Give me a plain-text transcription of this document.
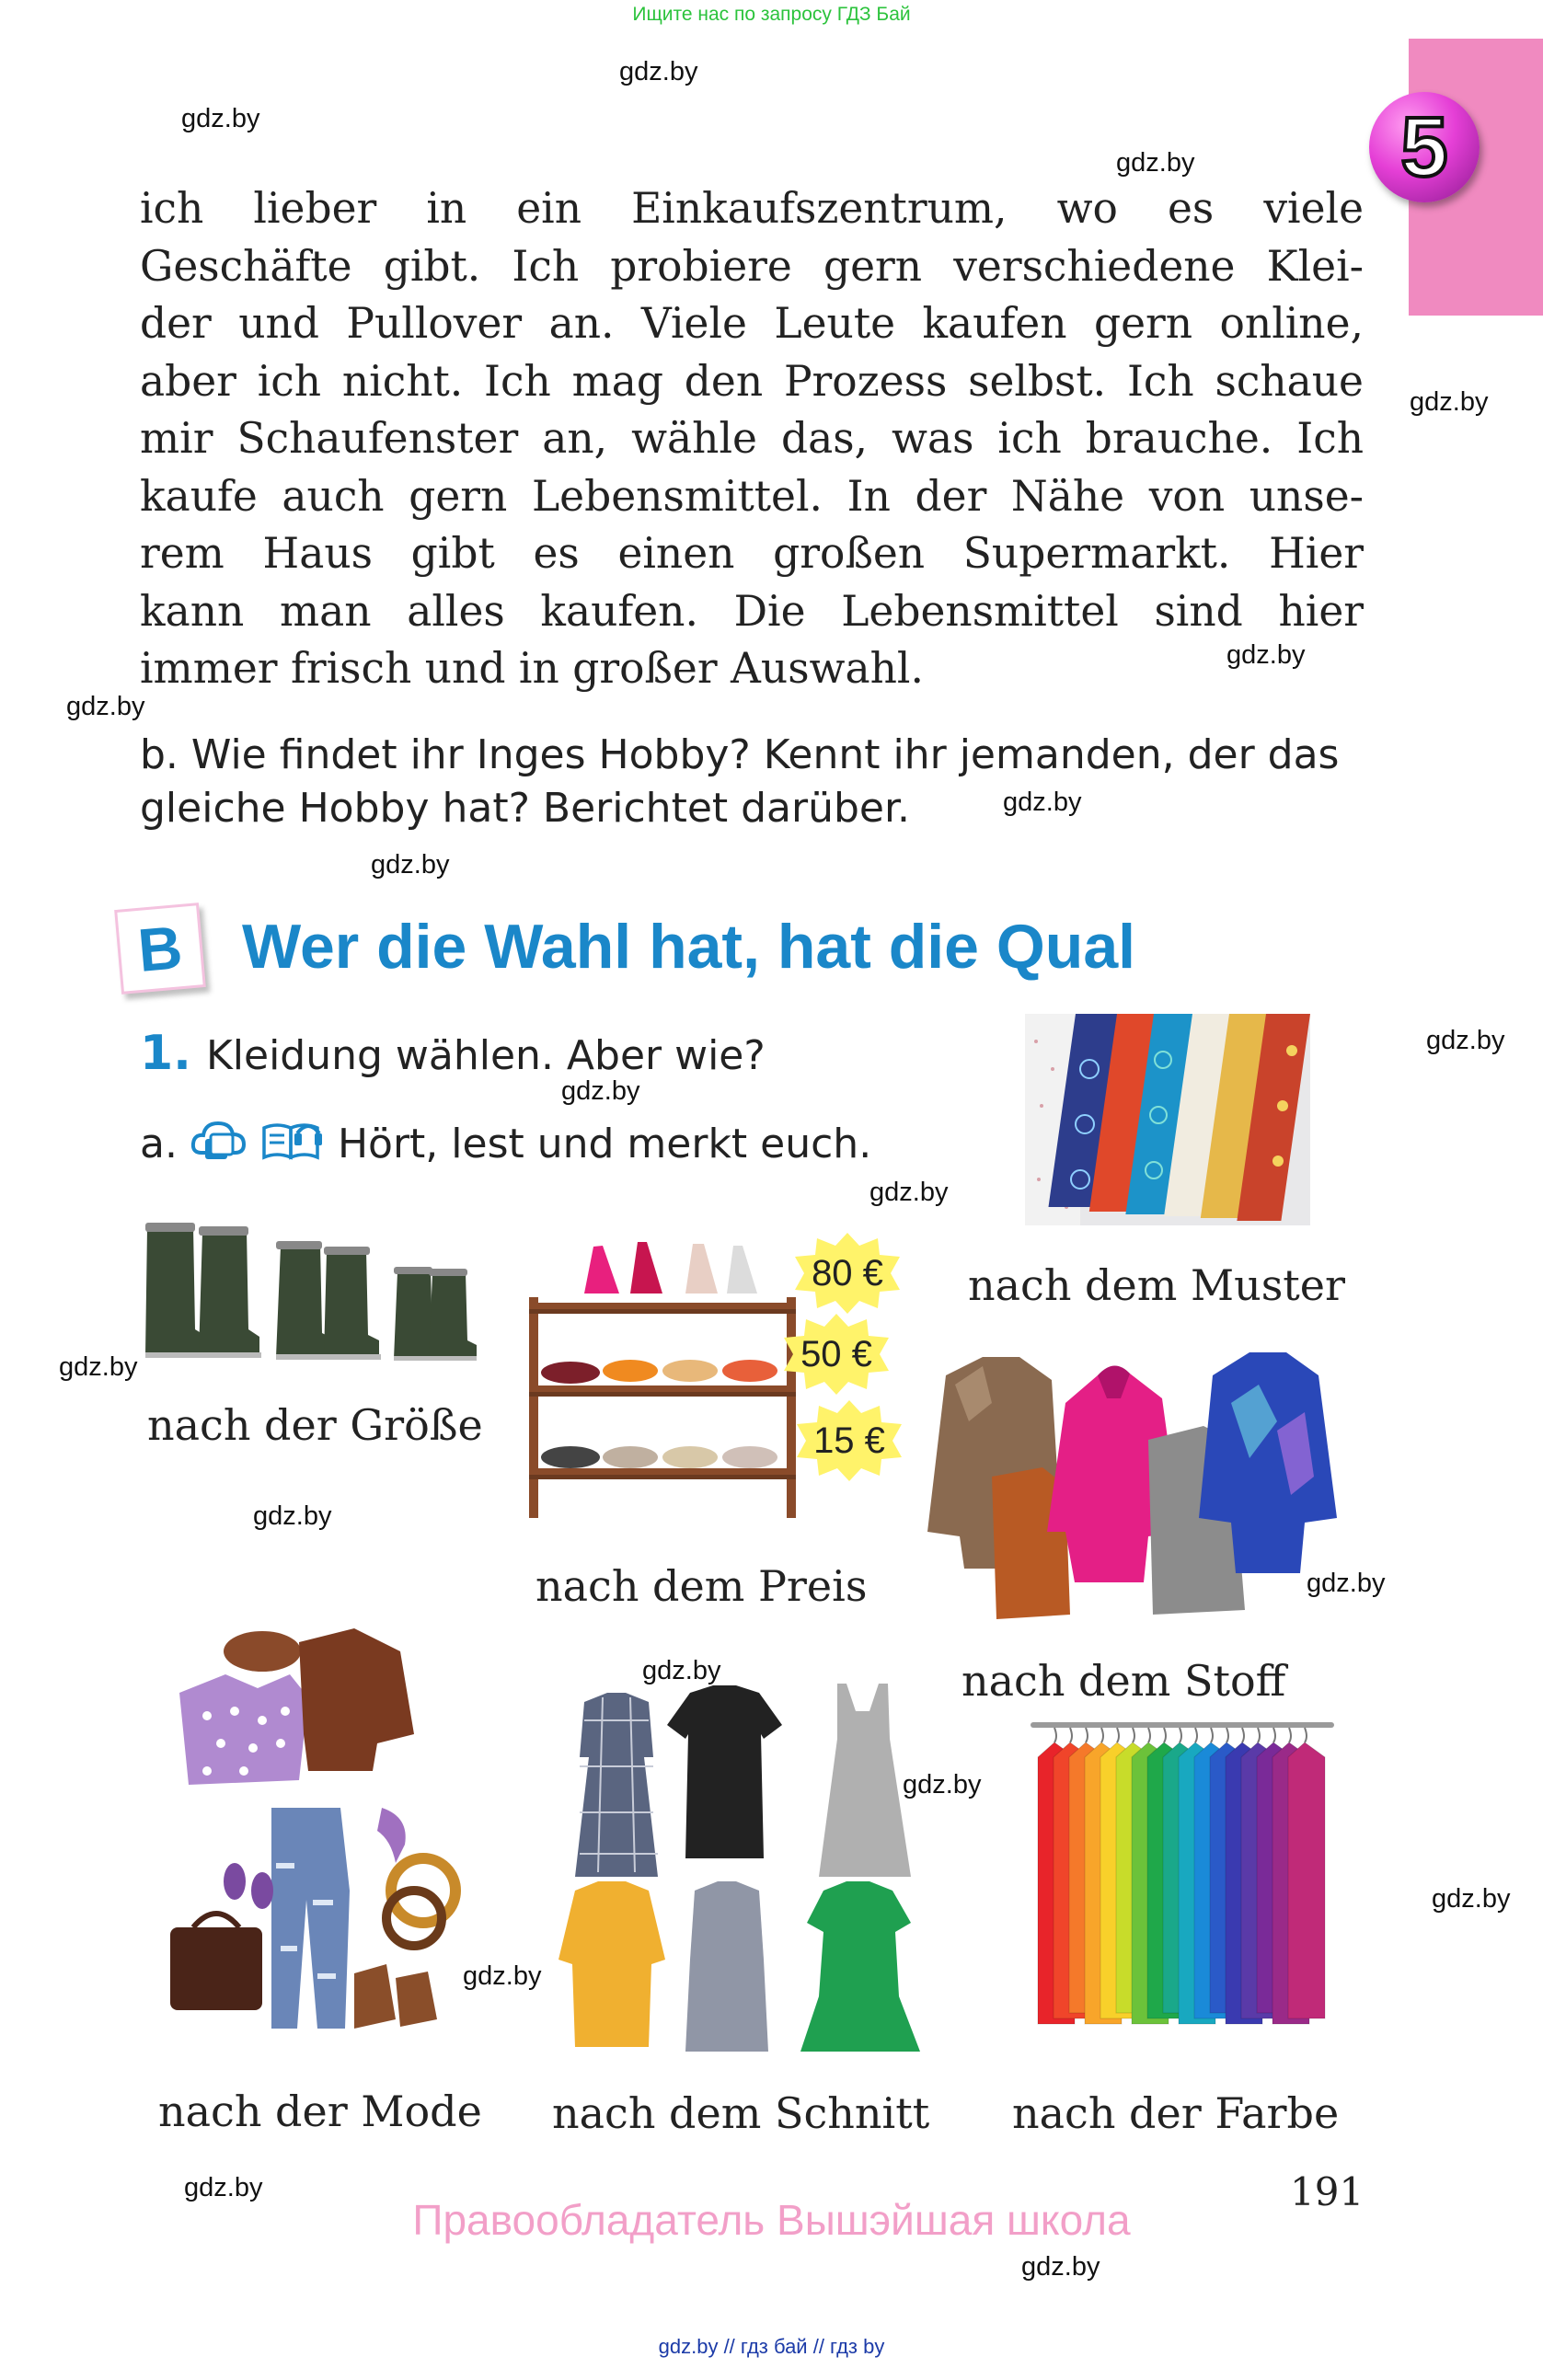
Ищите нас по запросу ГДЗ Бай
gdz.by // гдз бай // гдз by
5
gdz.by
gdz.by
gdz.by
gdz.by
gdz.by
gdz.by
gdz.by
gdz.by
gdz.by
gdz.by
gdz.by
gdz.by
gdz.by
gdz.by
gdz.by
gdz.by
gdz.by
gdz.by
gdz.by
gdz.by
ich lieber in ein Einkaufszentrum, wo es viele
Geschäfte gibt. Ich probiere gern verschiedene Klei-
der und Pullover an. Viele Leute kaufen gern online,
aber ich nicht. Ich mag den Prozess selbst. Ich schaue
mir Schaufenster an, wähle das, was ich brauche. Ich
kaufe auch gern Lebensmittel. In der Nähe von unse-
rem Haus gibt es einen großen Supermarkt. Hier
kann man alles kaufen. Die Lebensmittel sind hier
immer frisch und in großer Auswahl.
b. Wie findet ihr Inges Hobby? Kennt ihr jemanden, der das
gleiche Hobby hat? Berichtet darüber.
B Wer die Wahl hat, hat die Qual
1. Kleidung wählen. Aber wie?
a.	Hört, lest und merkt euch.
nach dem Muster
nach der Größe
80 €
50 €
15 €
nach dem Preis
nach dem Stoff
nach der Mode nach dem Schnitt nach der Farbe
191
Правообладатель Вышэйшая школа
